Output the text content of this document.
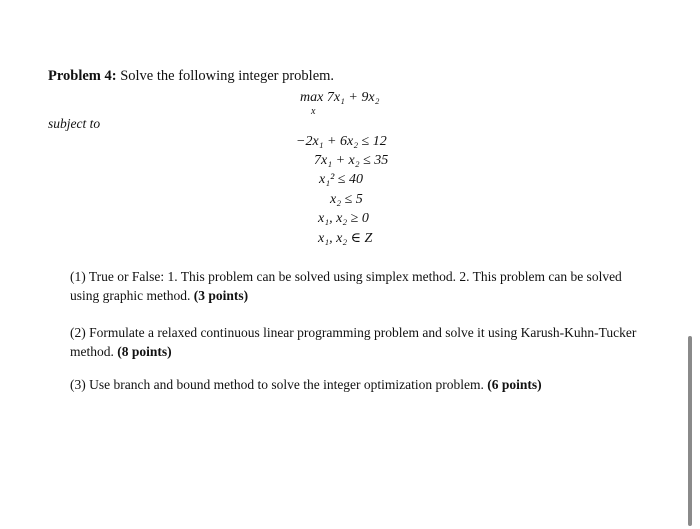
Problem 4: Solve the following integer problem.
max 7x₁ + 9x₂
x
subject to
−2x₁ + 6x₂ ≤ 12
7x₁ + x₂ ≤ 35
x₁² ≤ 40
x₂ ≤ 5
x₁, x₂ ≥ 0
x₁, x₂ ∈ Z
(1) True or False: 1. This problem can be solved using simplex method. 2. This problem can be solved using graphic method. (3 points)
(2) Formulate a relaxed continuous linear programming problem and solve it using Karush-Kuhn-Tucker method. (8 points)
(3) Use branch and bound method to solve the integer optimization problem. (6 points)
